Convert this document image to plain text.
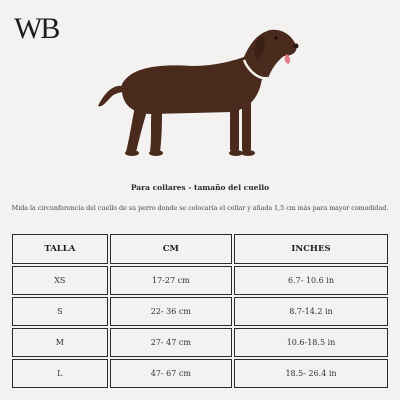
WB
Para collares - tamaño del cuello
Mida la circunferencia del cuello de su perro donde se colocaría el collar y añada 1,5 cm más para mayor comodidad.
TALLA	CM	INCHES
XS	17-27 cm	6.7- 10.6 in
S	22- 36 cm	8.7-14.2 in
M	27- 47 cm	10.6-18.5 in
L	47- 67 cm	18.5- 26.4 in
